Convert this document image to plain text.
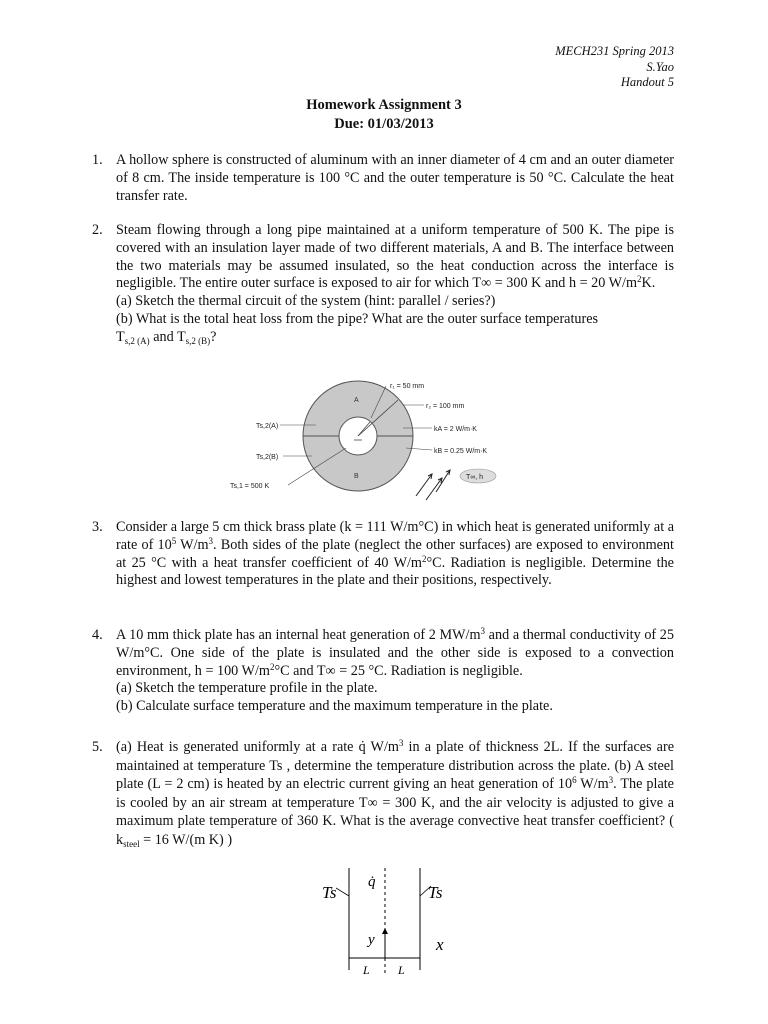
MECH231 Spring 2013
S.Yao
Handout 5
Homework Assignment 3
Due: 01/03/2013
1. A hollow sphere is constructed of aluminum with an inner diameter of 4 cm and an outer diameter of 8 cm. The inside temperature is 100 °C and the outer temperature is 50 °C. Calculate the heat transfer rate.
2. Steam flowing through a long pipe maintained at a uniform temperature of 500 K. The pipe is covered with an insulation layer made of two different materials, A and B. The interface between the two materials may be assumed insulated, so the heat conduction across the interface is negligible. The entire outer surface is exposed to air for which T∞ = 300 K and h = 20 $W/m^2K$.
(a) Sketch the thermal circuit of the system (hint: parallel / series?)
(b) What is the total heat loss from the pipe? What are the outer surface temperatures
$T_{s,2 (A)}$ and $T_{s,2 (B)}$?
A
B
r₁ = 50 mm
r₂ = 100 mm
kA = 2 W/m·K
kB = 0.25 W/m·K
Ts,2(A)
Ts,2(B)
Ts,1 = 500 K
T∞, h
3. Consider a large 5 cm thick brass plate (k = 111 W/m°C) in which heat is generated uniformly at a rate of $10^5$ $W/m^3$. Both sides of the plate (neglect the other surfaces) are exposed to environment at 25 °C with a heat transfer coefficient of 40 $W/m^2^\circ C$. Radiation is negligible. Determine the highest and lowest temperatures in the plate and their positions, respectively.
4. A 10 mm thick plate has an internal heat generation of 2 $MW/m^3$ and a thermal conductivity of 25 W/m°C. One side of the plate is insulated and the other side is exposed to a convection environment, h = 100 $W/m^2^\circ C$ and T∞ = 25 °C. Radiation is negligible.
(a) Sketch the temperature profile in the plate.
(b) Calculate surface temperature and the maximum temperature in the plate.
5. (a) Heat is generated uniformly at a rate q̇ $W/m^3$ in a plate of thickness 2L. If the surfaces are maintained at temperature Ts , determine the temperature distribution across the plate. (b) A steel plate (L = 2 cm) is heated by an electric current giving an heat generation of $10^6$ $W/m^3$. The plate is cooled by an air stream at temperature T∞ = 300 K, and the air velocity is adjusted to give a maximum plate temperature of 360 K. What is the average convective heat transfer coefficient? ( $k_{steel} = 16$ W/(m K) )
Ts	Ts
q̇
y	x
L L
